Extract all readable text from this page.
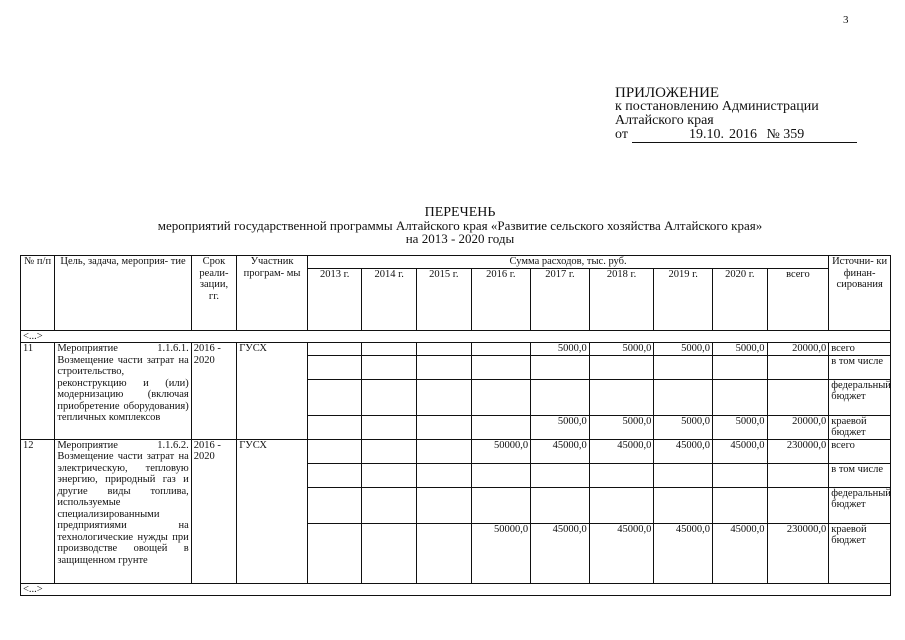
3
ПРИЛОЖЕНИЕ
к постановлению Администрации
Алтайского края
от	19.10. 2016 № 359
ПЕРЕЧЕНЬ
мероприятий государственной программы Алтайского края «Развитие сельского хозяйства Алтайского края»
на 2013 - 2020 годы
№ п/п	Цель, задача, мероприя- тие	Срок реали- зации, гг.	Участник програм- мы	Сумма расходов, тыс. руб.									Источни- ки финан- сирования
				2013 г.	2014 г.	2015 г.	2016 г.	2017 г.	2018 г.	2019 г.	2020 г.	всего	
<...>													
11	Мероприятие 1.1.6.1. Возмещение части затрат на строительство, реконструкцию и (или) модернизацию (включая приобретение оборудования) тепличных комплексов	2016 - 2020	ГУСХ					5000,0	5000,0	5000,0	5000,0	20000,0	всего
													в том числе
													федеральный бюджет
								5000,0	5000,0	5000,0	5000,0	20000,0	краевой бюджет
12	Мероприятие 1.1.6.2. Возмещение части затрат на электрическую, тепловую энергию, природный газ и другие виды топлива, используемые специализированными предприятиями на технологические нужды при производстве овощей в защищенном грунте	2016 - 2020	ГУСХ				50000,0	45000,0	45000,0	45000,0	45000,0	230000,0	всего
													в том числе
													федеральный бюджет
							50000,0	45000,0	45000,0	45000,0	45000,0	230000,0	краевой бюджет
<...>													
